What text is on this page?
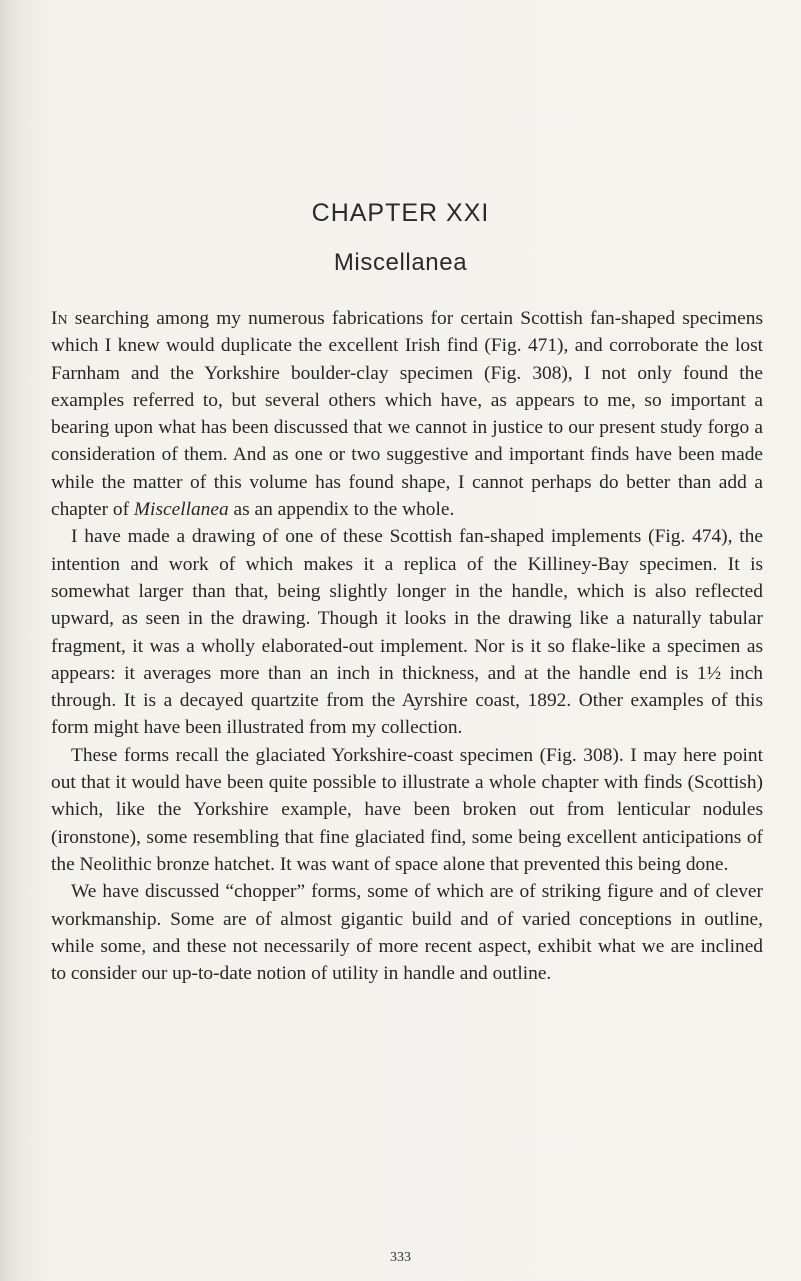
CHAPTER XXI
Miscellanea

In searching among my numerous fabrications for certain Scottish fan-shaped specimens which I knew would duplicate the excellent Irish find (Fig. 471), and corroborate the lost Farnham and the Yorkshire boulder-clay specimen (Fig. 308), I not only found the examples referred to, but several others which have, as appears to me, so important a bearing upon what has been discussed that we cannot in justice to our present study forgo a consideration of them. And as one or two suggestive and important finds have been made while the matter of this volume has found shape, I cannot perhaps do better than add a chapter of Miscellanea as an appendix to the whole.

I have made a drawing of one of these Scottish fan-shaped implements (Fig. 474), the intention and work of which makes it a replica of the Killiney-Bay specimen. It is somewhat larger than that, being slightly longer in the handle, which is also reflected upward, as seen in the drawing. Though it looks in the drawing like a naturally tabular fragment, it was a wholly elaborated-out implement. Nor is it so flake-like a specimen as appears: it averages more than an inch in thickness, and at the handle end is 1½ inch through. It is a decayed quartzite from the Ayrshire coast, 1892. Other examples of this form might have been illustrated from my collection.

These forms recall the glaciated Yorkshire-coast specimen (Fig. 308). I may here point out that it would have been quite possible to illustrate a whole chapter with finds (Scottish) which, like the Yorkshire example, have been broken out from lenticular nodules (ironstone), some resembling that fine glaciated find, some being excellent anticipations of the Neolithic bronze hatchet. It was want of space alone that prevented this being done.

We have discussed “chopper” forms, some of which are of striking figure and of clever workmanship. Some are of almost gigantic build and of varied conceptions in outline, while some, and these not necessarily of more recent aspect, exhibit what we are inclined to consider our up-to-date notion of utility in handle and outline.

333
